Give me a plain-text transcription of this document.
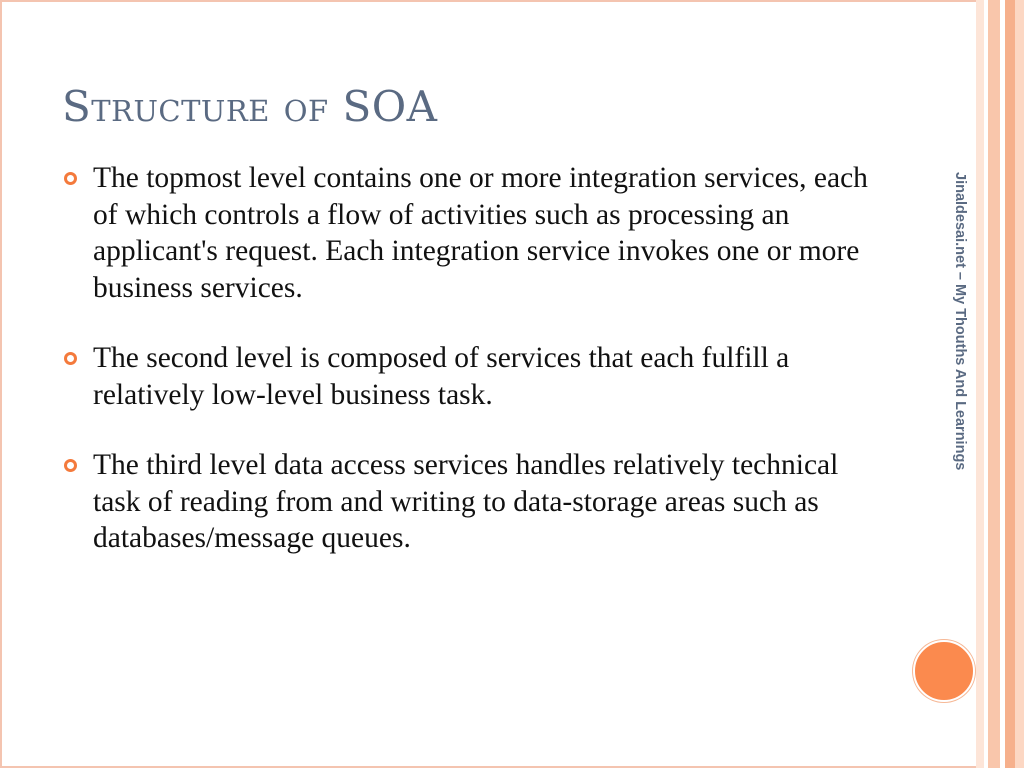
Structure of SOA
The topmost level contains one or more integration services, each of which controls a flow of activities such as processing an applicant's request. Each integration service invokes one or more business services.
The second level is composed of services that each fulfill a relatively low-level business task.
The third level data access services handles relatively technical task of reading from and writing to data-storage areas such as databases/message queues.
Jinaldesai.net – My Thouths And Learnings
